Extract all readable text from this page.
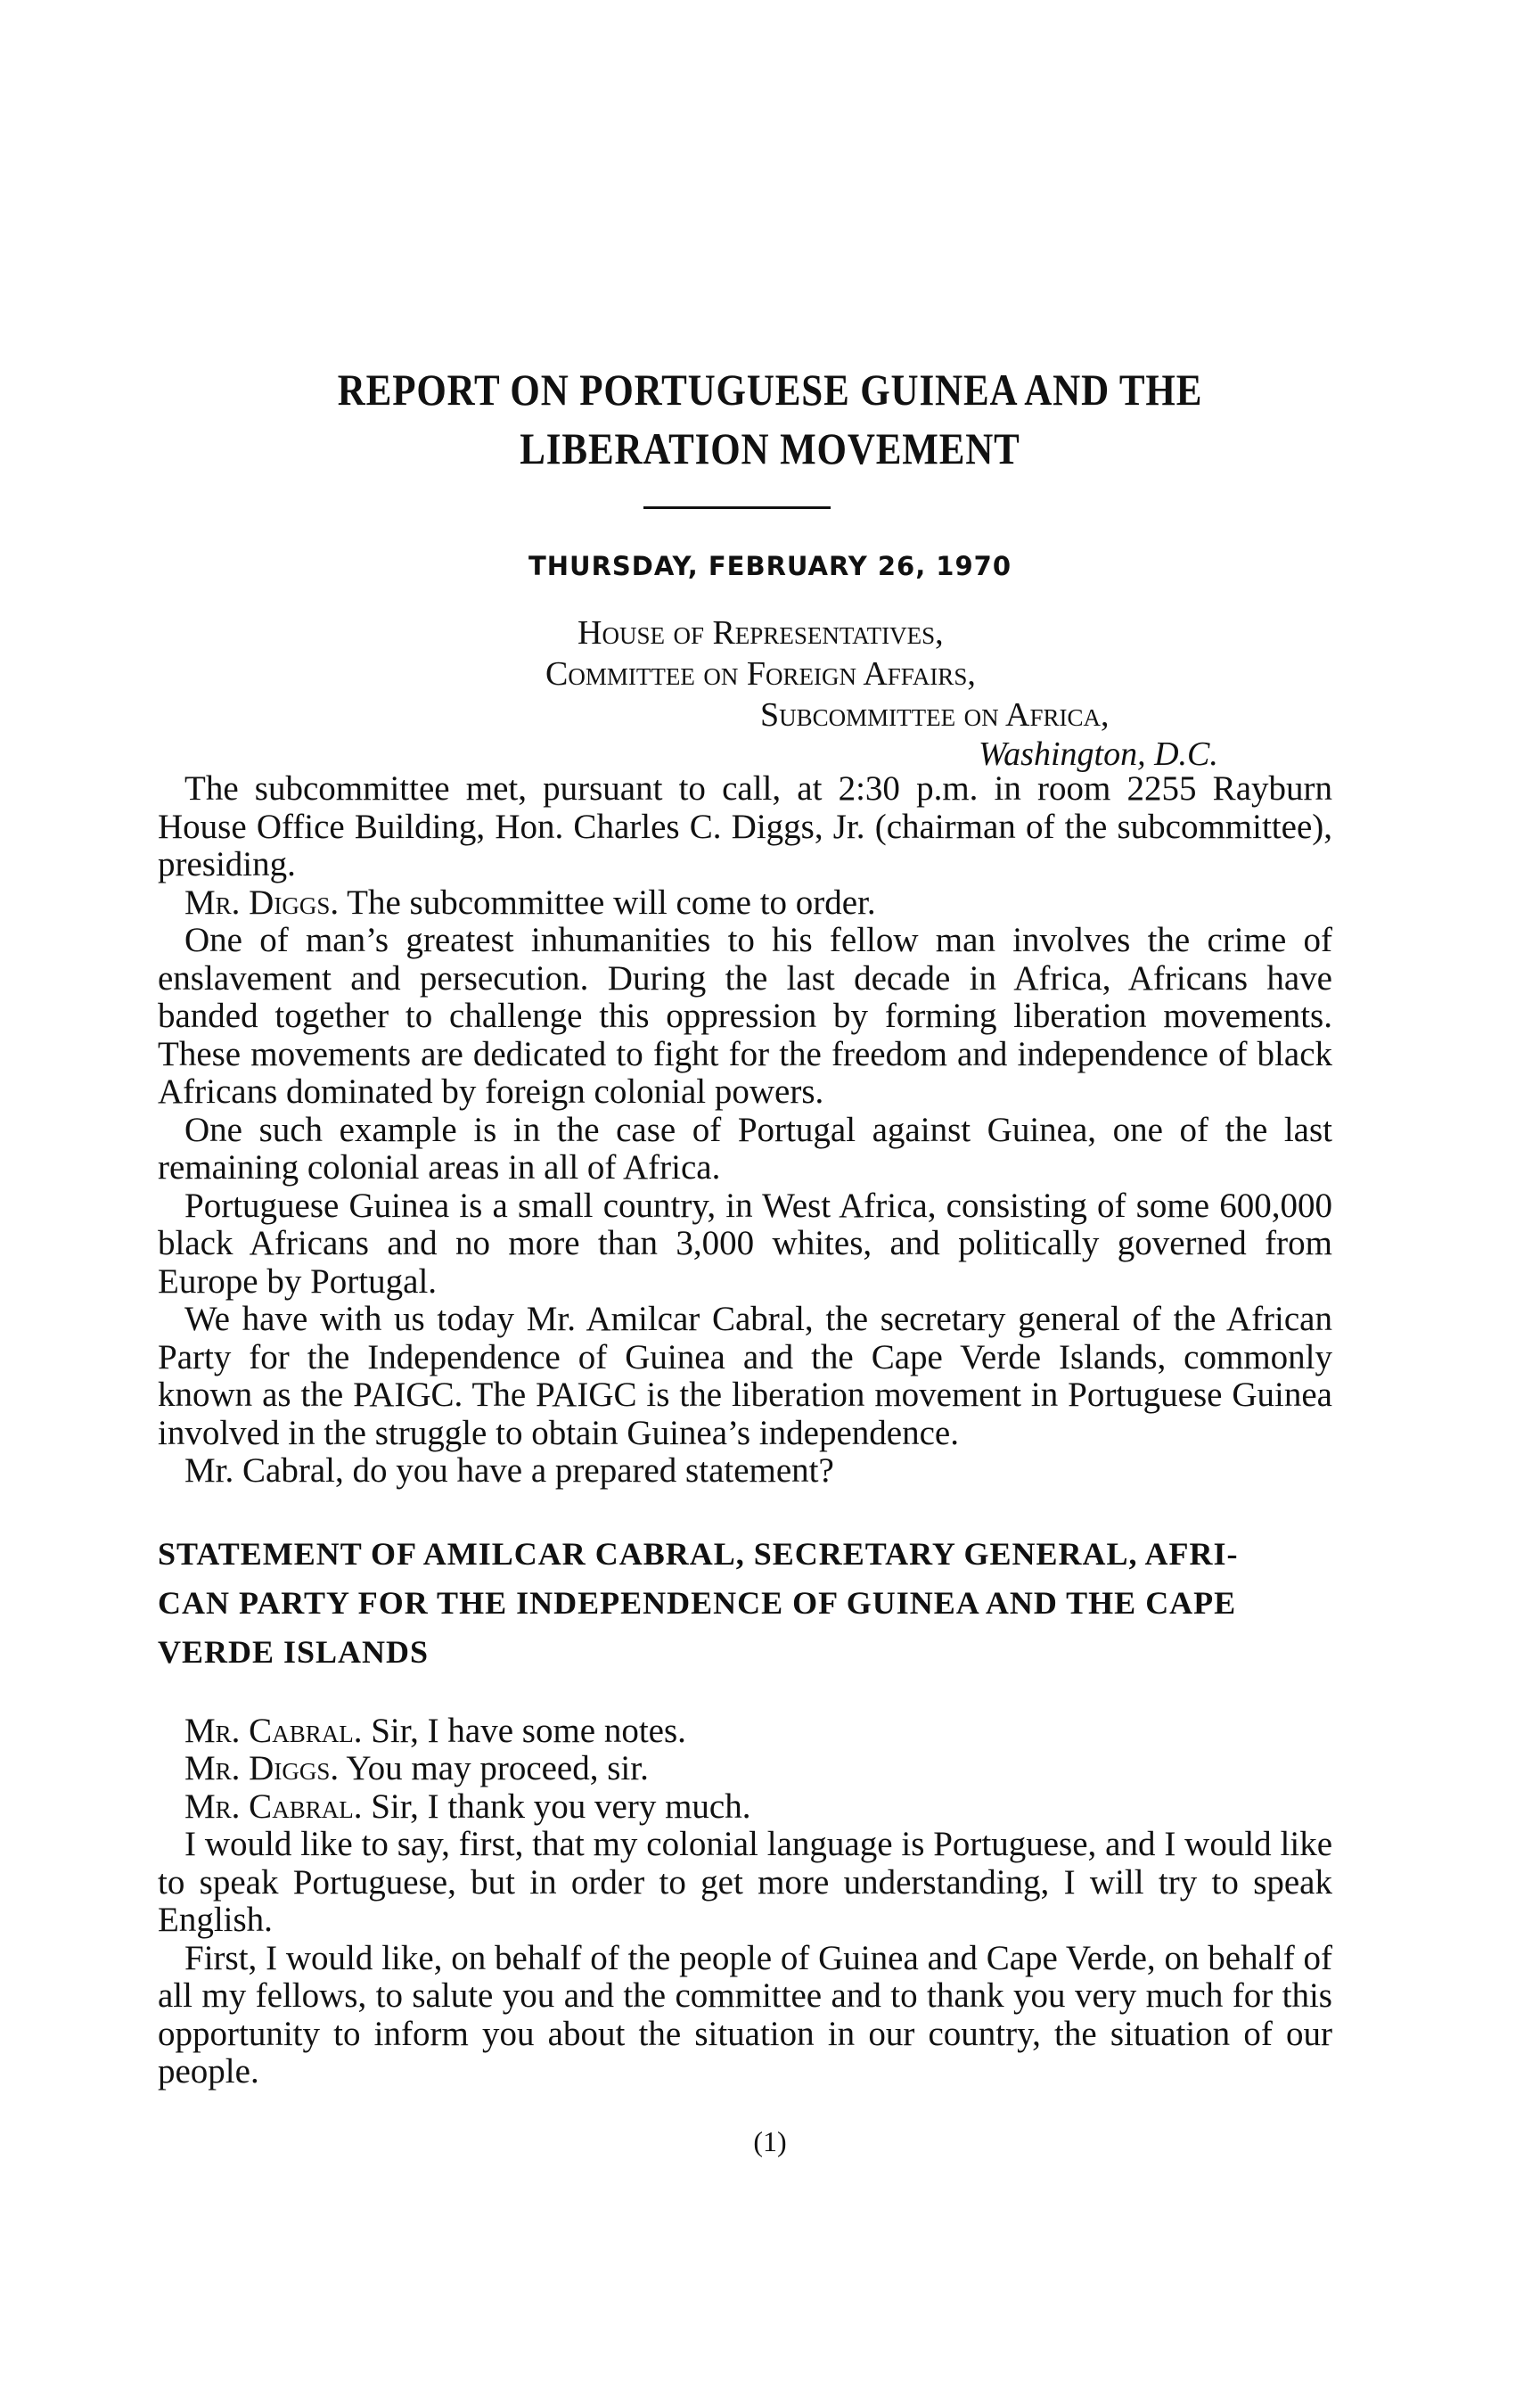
REPORT ON PORTUGUESE GUINEA AND THE
LIBERATION MOVEMENT
THURSDAY, FEBRUARY 26, 1970
House of Representatives,
Committee on Foreign Affairs,
Subcommittee on Africa,
Washington, D.C.

The subcommittee met, pursuant to call, at 2:30 p.m. in room 2255 Rayburn House Office Building, Hon. Charles C. Diggs, Jr. (chairman of the subcommittee), presiding.

Mr. Diggs. The subcommittee will come to order.

One of man’s greatest inhumanities to his fellow man involves the crime of enslavement and persecution. During the last decade in Africa, Africans have banded together to challenge this oppression by forming liberation movements. These movements are dedicated to fight for the freedom and independence of black Africans dominated by foreign colonial powers.

One such example is in the case of Portugal against Guinea, one of the last remaining colonial areas in all of Africa.

Portuguese Guinea is a small country, in West Africa, consisting of some 600,000 black Africans and no more than 3,000 whites, and politically governed from Europe by Portugal.

We have with us today Mr. Amilcar Cabral, the secretary general of the African Party for the Independence of Guinea and the Cape Verde Islands, commonly known as the PAIGC. The PAIGC is the liberation movement in Portuguese Guinea involved in the struggle to obtain Guinea’s independence.

Mr. Cabral, do you have a prepared statement?

STATEMENT OF AMILCAR CABRAL, SECRETARY GENERAL, AFRI-
CAN PARTY FOR THE INDEPENDENCE OF GUINEA AND THE CAPE
VERDE ISLANDS

Mr. Cabral. Sir, I have some notes.

Mr. Diggs. You may proceed, sir.

Mr. Cabral. Sir, I thank you very much.

I would like to say, first, that my colonial language is Portuguese, and I would like to speak Portuguese, but in order to get more understanding, I will try to speak English.

First, I would like, on behalf of the people of Guinea and Cape Verde, on behalf of all my fellows, to salute you and the committee and to thank you very much for this opportunity to inform you about the situation in our country, the situation of our people.

(1)
